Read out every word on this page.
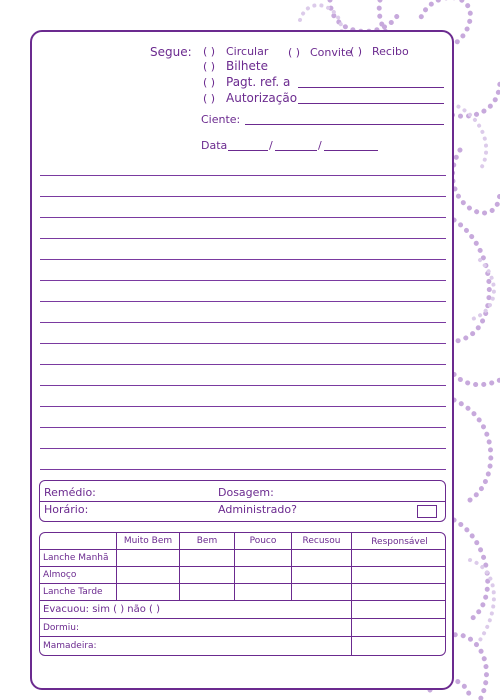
Segue: ( ) Circular ( ) Convite
( ) Recibo
( ) Bilhete
( ) Pagt. ref. a
( ) Autorização
Ciente:
Data	/	/
Remédio:	Dosagem:
Horário:	Administrado?
Muito Bem	Bem	Pouco	Recusou	Responsável
Lanche Manhã
Almoço
Lanche Tarde
Evacuou: sim ( ) não ( )
Dormiu:
Mamadeira:
